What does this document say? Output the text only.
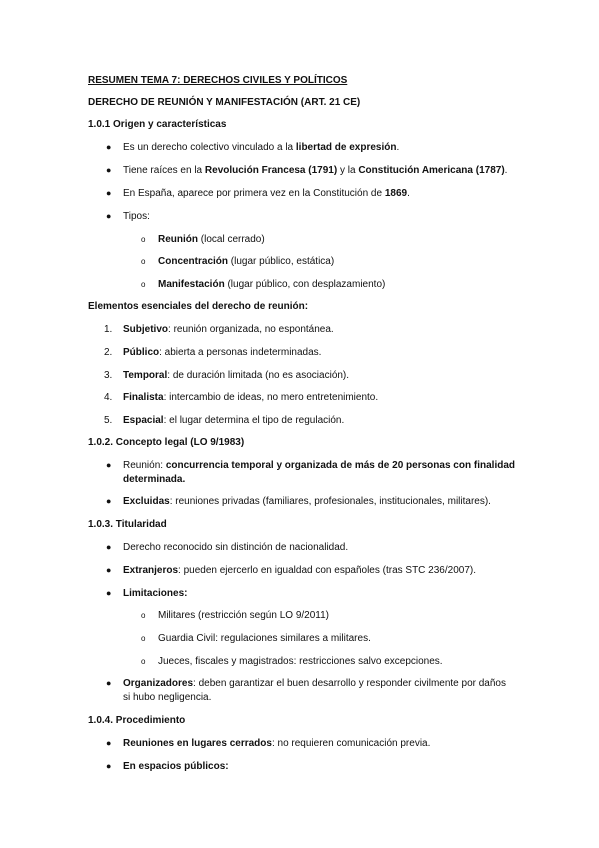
RESUMEN TEMA 7: DERECHOS CIVILES Y POLÍTICOS
DERECHO DE REUNIÓN Y MANIFESTACIÓN (ART. 21 CE)
1.0.1 Origen y características
● Es un derecho colectivo vinculado a la libertad de expresión.
● Tiene raíces en la Revolución Francesa (1791) y la Constitución Americana (1787).
● En España, aparece por primera vez en la Constitución de 1869.
● Tipos:
o Reunión (local cerrado)
o Concentración (lugar público, estática)
o Manifestación (lugar público, con desplazamiento)
Elementos esenciales del derecho de reunión:
1. Subjetivo: reunión organizada, no espontánea.
2. Público: abierta a personas indeterminadas.
3. Temporal: de duración limitada (no es asociación).
4. Finalista: intercambio de ideas, no mero entretenimiento.
5. Espacial: el lugar determina el tipo de regulación.
1.0.2. Concepto legal (LO 9/1983)
● Reunión: concurrencia temporal y organizada de más de 20 personas con finalidad determinada.
● Excluidas: reuniones privadas (familiares, profesionales, institucionales, militares).
1.0.3. Titularidad
● Derecho reconocido sin distinción de nacionalidad.
● Extranjeros: pueden ejercerlo en igualdad con españoles (tras STC 236/2007).
● Limitaciones:
o Militares (restricción según LO 9/2011)
o Guardia Civil: regulaciones similares a militares.
o Jueces, fiscales y magistrados: restricciones salvo excepciones.
● Organizadores: deben garantizar el buen desarrollo y responder civilmente por daños si hubo negligencia.
1.0.4. Procedimiento
● Reuniones en lugares cerrados: no requieren comunicación previa.
● En espacios públicos:
